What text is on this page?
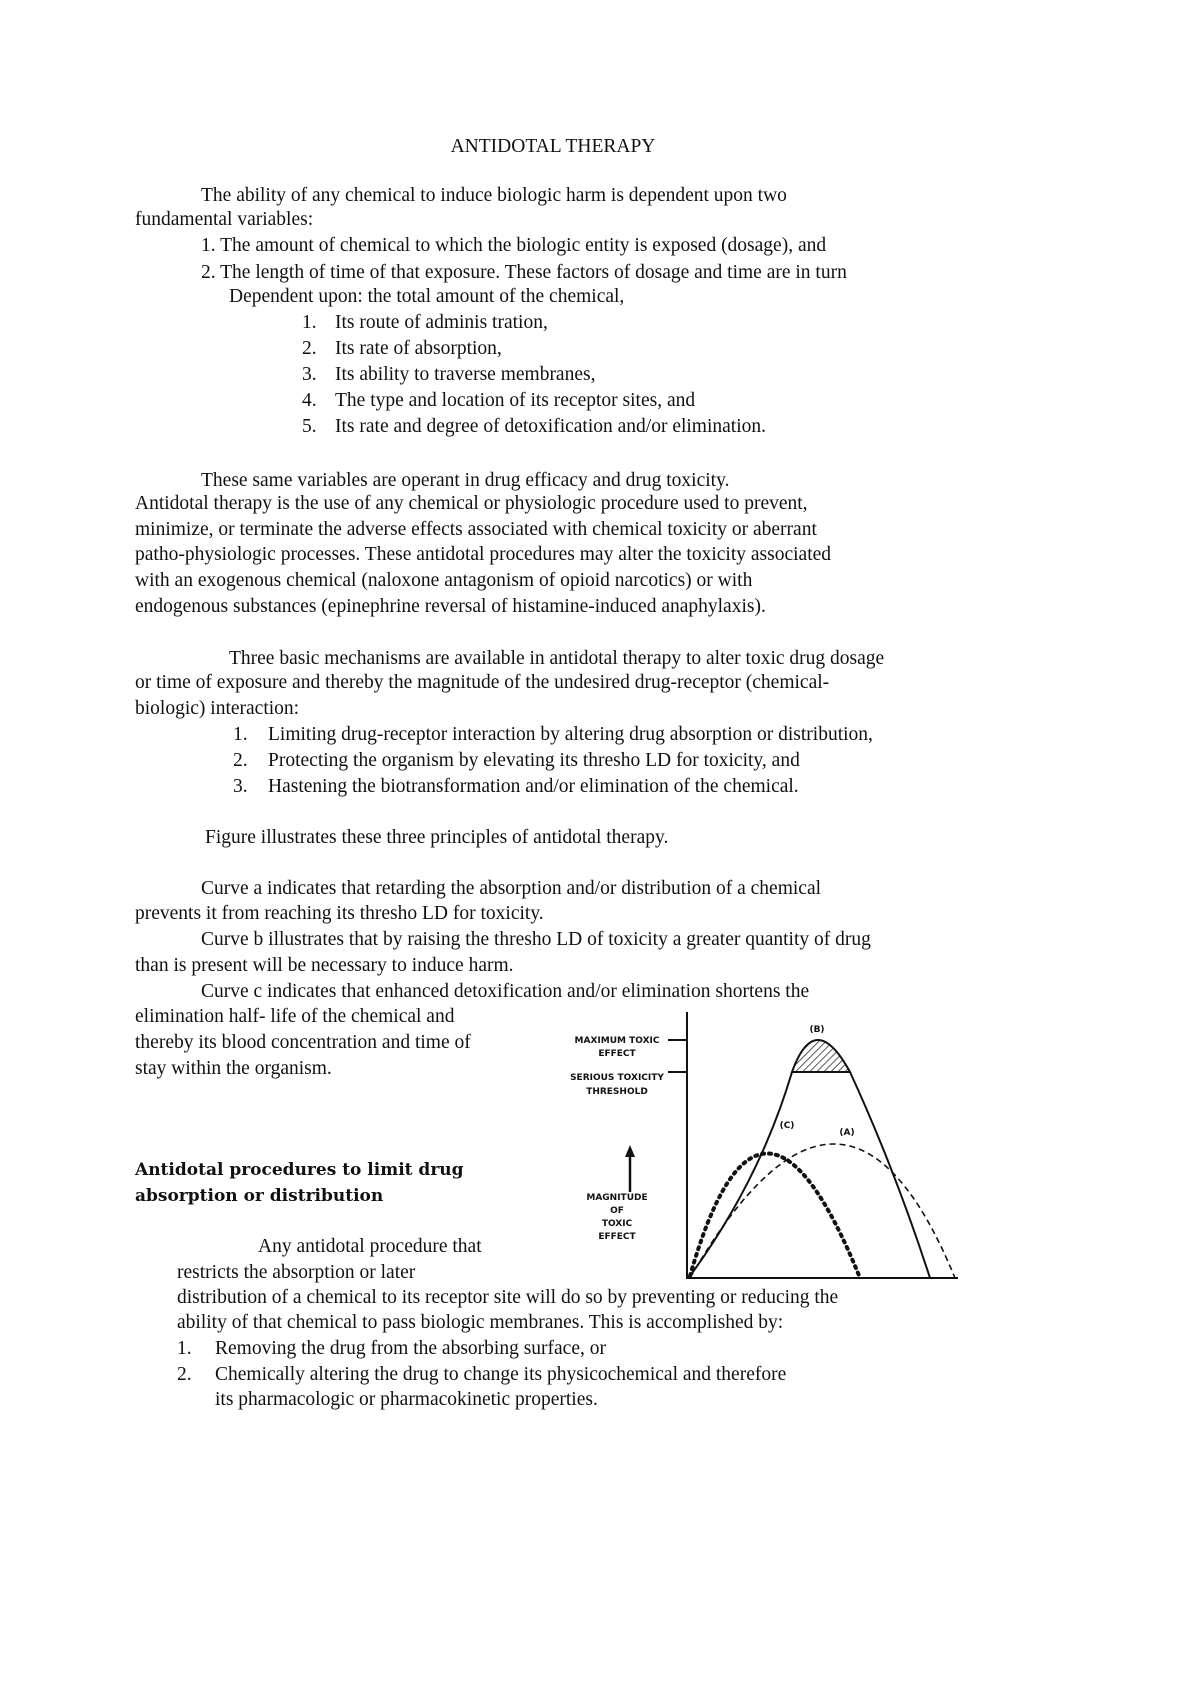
ANTIDOTAL THERAPY
The ability of any chemical to induce biologic harm is dependent upon two
fundamental variables:
1. The amount of chemical to which the biologic entity is exposed (dosage), and
2. The length of time of that exposure. These factors of dosage and time are in turn
Dependent upon: the total amount of the chemical,
1. Its route of adminis tration,
2. Its rate of absorption,
3. Its ability to traverse membranes,
4. The type and location of its receptor sites, and
5. Its rate and degree of detoxification and/or elimination.
These same variables are operant in drug efficacy and drug toxicity.
Antidotal therapy is the use of any chemical or physiologic procedure used to prevent,
minimize, or terminate the adverse effects associated with chemical toxicity or aberrant
patho-physiologic processes. These antidotal procedures may alter the toxicity associated
with an exogenous chemical (naloxone antagonism of opioid narcotics) or with
endogenous substances (epinephrine reversal of histamine-induced anaphylaxis).
Three basic mechanisms are available in antidotal therapy to alter toxic drug dosage
or time of exposure and thereby the magnitude of the undesired drug-receptor (chemical-
biologic) interaction:
1. Limiting drug-receptor interaction by altering drug absorption or distribution,
2. Protecting the organism by elevating its thresho LD for toxicity, and
3. Hastening the biotransformation and/or elimination of the chemical.
Figure illustrates these three principles of antidotal therapy.
Curve a indicates that retarding the absorption and/or distribution of a chemical
prevents it from reaching its thresho LD for toxicity.
Curve b illustrates that by raising the thresho LD of toxicity a greater quantity of drug
than is present will be necessary to induce harm.
Curve c indicates that enhanced detoxification and/or elimination shortens the
elimination half- life of the chemical and
thereby its blood concentration and time of
stay within the organism.
Antidotal procedures to limit drug
absorption or distribution
Any antidotal procedure that
restricts the absorption or later
distribution of a chemical to its receptor site will do so by preventing or reducing the
ability of that chemical to pass biologic membranes. This is accomplished by:
1. Removing the drug from the absorbing surface, or
2. Chemically altering the drug to change its physicochemical and therefore
its pharmacologic or pharmacokinetic properties.
MAXIMUM TOXIC
EFFECT
SERIOUS TOXICITY
THRESHOLD
MAGNITUDE
OF
TOXIC
EFFECT
(B)
(C)
(A)
